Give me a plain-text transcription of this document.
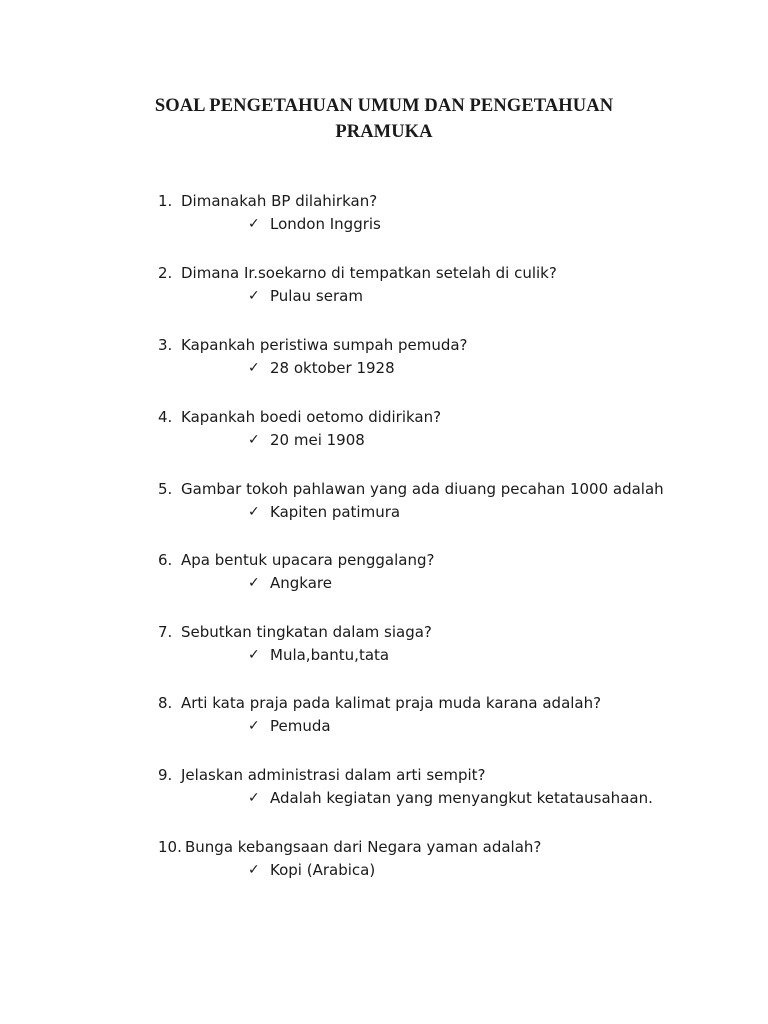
SOAL PENGETAHUAN UMUM DAN PENGETAHUAN
PRAMUKA
1. Dimanakah BP dilahirkan?
✓ London Inggris
2. Dimana Ir.soekarno di tempatkan setelah di culik?
✓ Pulau seram
3. Kapankah peristiwa sumpah pemuda?
✓ 28 oktober 1928
4. Kapankah boedi oetomo didirikan?
✓ 20 mei 1908
5. Gambar tokoh pahlawan yang ada diuang pecahan 1000 adalah
✓ Kapiten patimura
6. Apa bentuk upacara penggalang?
✓ Angkare
7. Sebutkan tingkatan dalam siaga?
✓ Mula,bantu,tata
8. Arti kata praja pada kalimat praja muda karana adalah?
✓ Pemuda
9. Jelaskan administrasi dalam arti sempit?
✓ Adalah kegiatan yang menyangkut ketatausahaan.
10. Bunga kebangsaan dari Negara yaman adalah?
✓ Kopi (Arabica)
